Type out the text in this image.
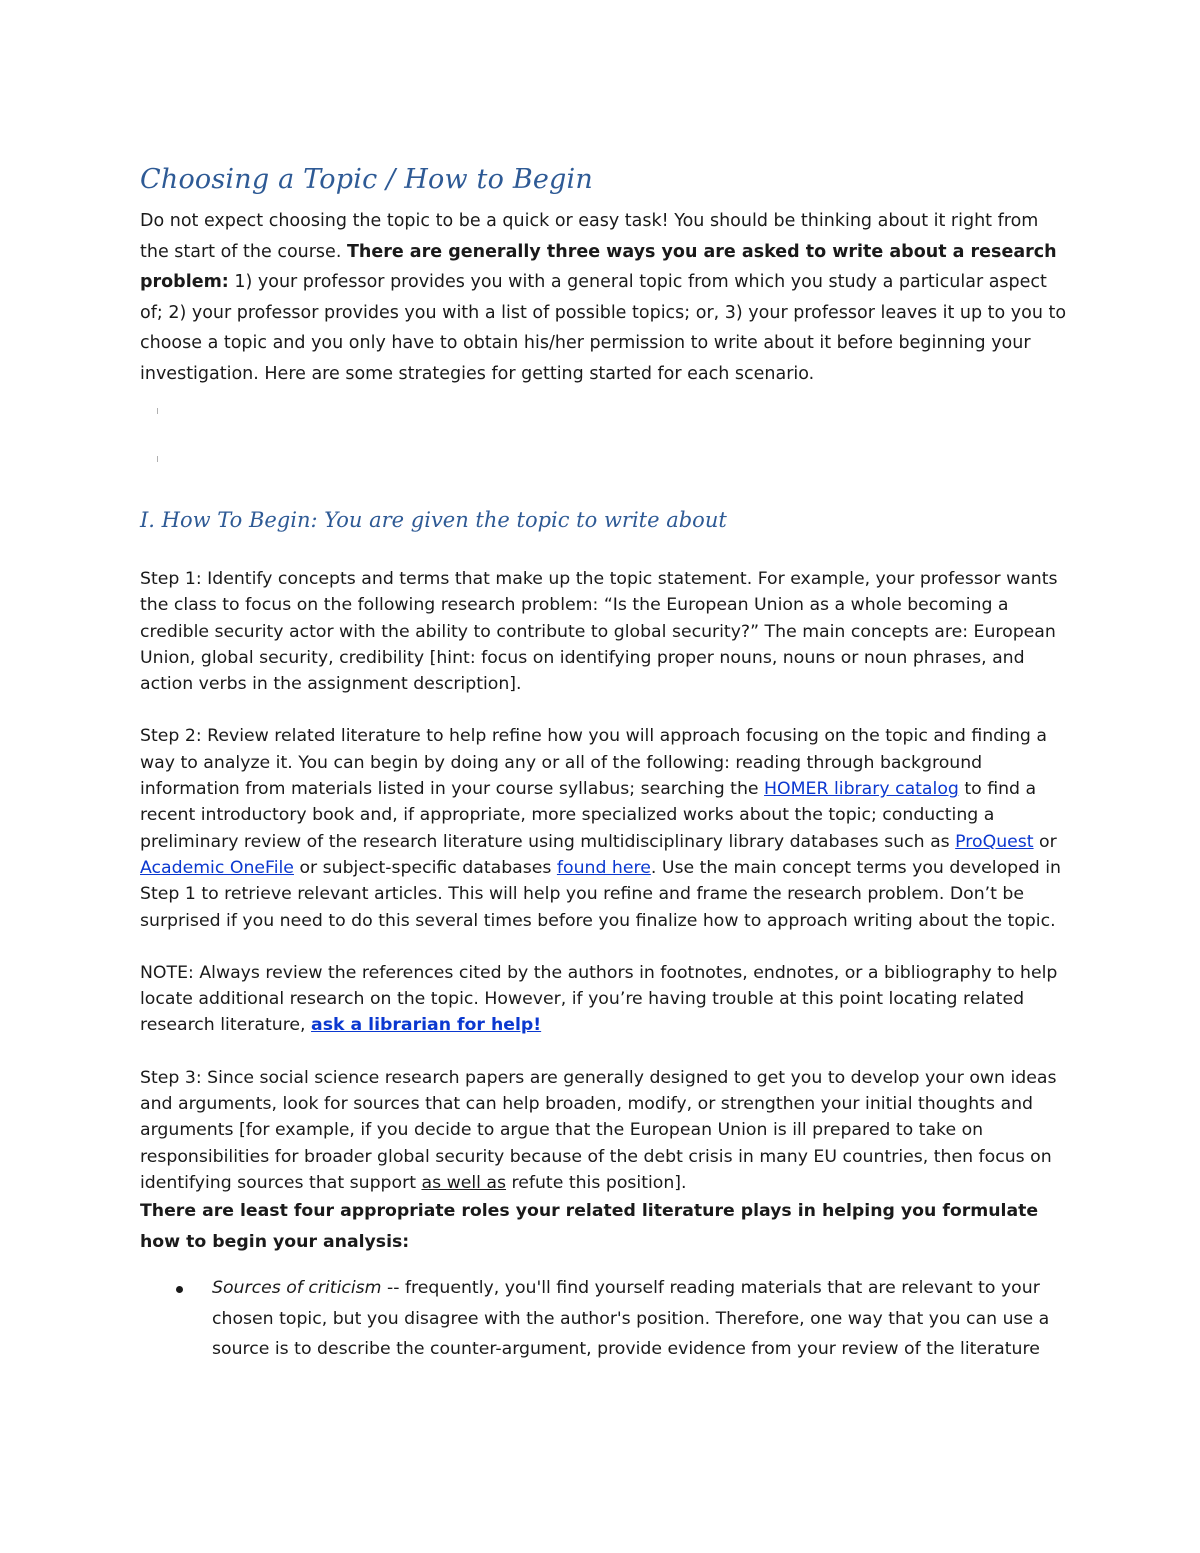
Choosing a Topic / How to Begin

Do not expect choosing the topic to be a quick or easy task! You should be thinking about it right from the start of the course. There are generally three ways you are asked to write about a research problem: 1) your professor provides you with a general topic from which you study a particular aspect of; 2) your professor provides you with a list of possible topics; or, 3) your professor leaves it up to you to choose a topic and you only have to obtain his/her permission to write about it before beginning your investigation. Here are some strategies for getting started for each scenario.

I. How To Begin: You are given the topic to write about

Step 1: Identify concepts and terms that make up the topic statement. For example, your professor wants the class to focus on the following research problem: “Is the European Union as a whole becoming a credible security actor with the ability to contribute to global security?” The main concepts are: European Union, global security, credibility [hint: focus on identifying proper nouns, nouns or noun phrases, and action verbs in the assignment description].

Step 2: Review related literature to help refine how you will approach focusing on the topic and finding a way to analyze it. You can begin by doing any or all of the following: reading through background information from materials listed in your course syllabus; searching the HOMER library catalog to find a recent introductory book and, if appropriate, more specialized works about the topic; conducting a preliminary review of the research literature using multidisciplinary library databases such as ProQuest or Academic OneFile or subject-specific databases found here. Use the main concept terms you developed in Step 1 to retrieve relevant articles. This will help you refine and frame the research problem. Don’t be surprised if you need to do this several times before you finalize how to approach writing about the topic.

NOTE: Always review the references cited by the authors in footnotes, endnotes, or a bibliography to help locate additional research on the topic. However, if you’re having trouble at this point locating related research literature, ask a librarian for help!

Step 3: Since social science research papers are generally designed to get you to develop your own ideas and arguments, look for sources that can help broaden, modify, or strengthen your initial thoughts and arguments [for example, if you decide to argue that the European Union is ill prepared to take on responsibilities for broader global security because of the debt crisis in many EU countries, then focus on identifying sources that support as well as refute this position].

There are least four appropriate roles your related literature plays in helping you formulate how to begin your analysis:

Sources of criticism -- frequently, you'll find yourself reading materials that are relevant to your chosen topic, but you disagree with the author's position. Therefore, one way that you can use a source is to describe the counter-argument, provide evidence from your review of the literature
